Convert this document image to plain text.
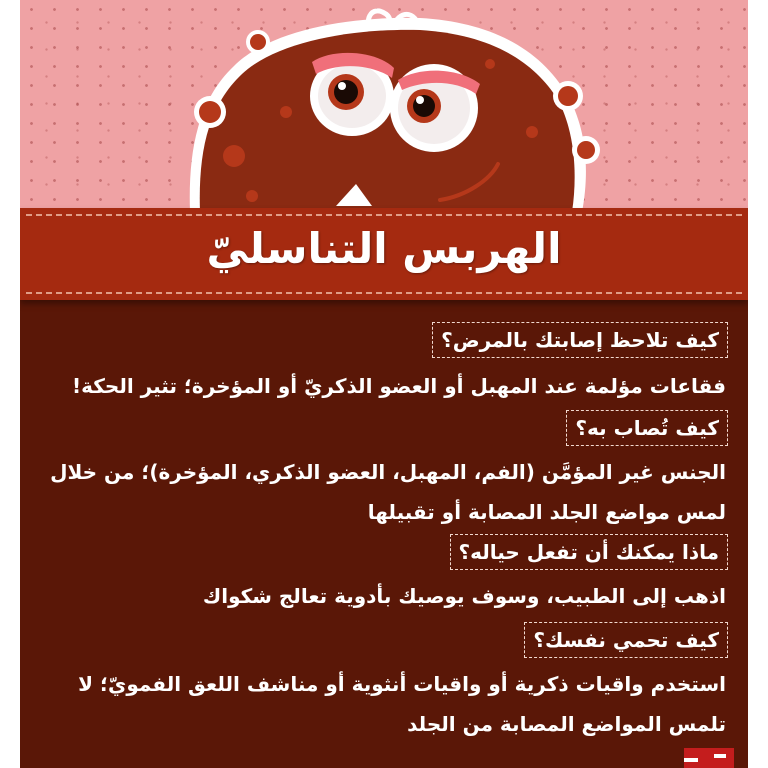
الهربس التناسليّ
كيف تلاحظ إصابتك بالمرض؟
فقاعات مؤلمة عند المهبل أو العضو الذكريّ أو المؤخرة؛ تثير الحكة!
كيف تُصاب به؟
الجنس غير المؤمَّن (الفم، المهبل، العضو الذكري، المؤخرة)؛ من خلال لمس مواضع الجلد المصابة أو تقبيلها
ماذا يمكنك أن تفعل حياله؟
اذهب إلى الطبيب، وسوف يوصيك بأدوية تعالج شكواك
كيف تحمي نفسك؟
استخدم واقيات ذكرية أو واقيات أنثوية أو مناشف اللعق الفمويّ؛ لا تلمس المواضع المصابة من الجلد
